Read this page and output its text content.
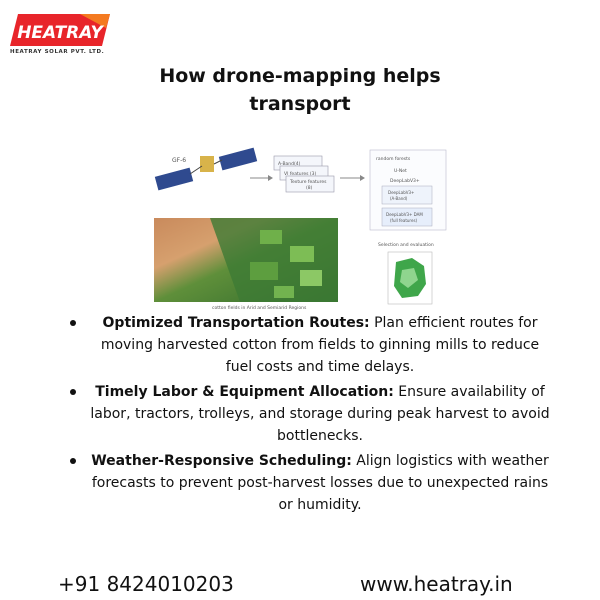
HEATRAY
HEATRAY SOLAR PVT. LTD.
How drone-mapping helps
transport
GF-6
A-Band(4)
VI features (3)
Texture features
(8)
random forests
U-Net
DeepLabV3+
DeepLabV3+
(A-Band)
DeepLabV3+ DAM
(full features)
Selection and evaluation
cotton fields in Arid and Semiarid Regions
Optimized Transportation Routes: Plan efficient routes for moving harvested cotton from fields to ginning mills to reduce fuel costs and time delays.
Timely Labor & Equipment Allocation: Ensure availability of labor, tractors, trolleys, and storage during peak harvest to avoid bottlenecks.
Weather-Responsive Scheduling: Align logistics with weather forecasts to prevent post-harvest losses due to unexpected rains or humidity.
+91 8424010203	www.heatray.in
